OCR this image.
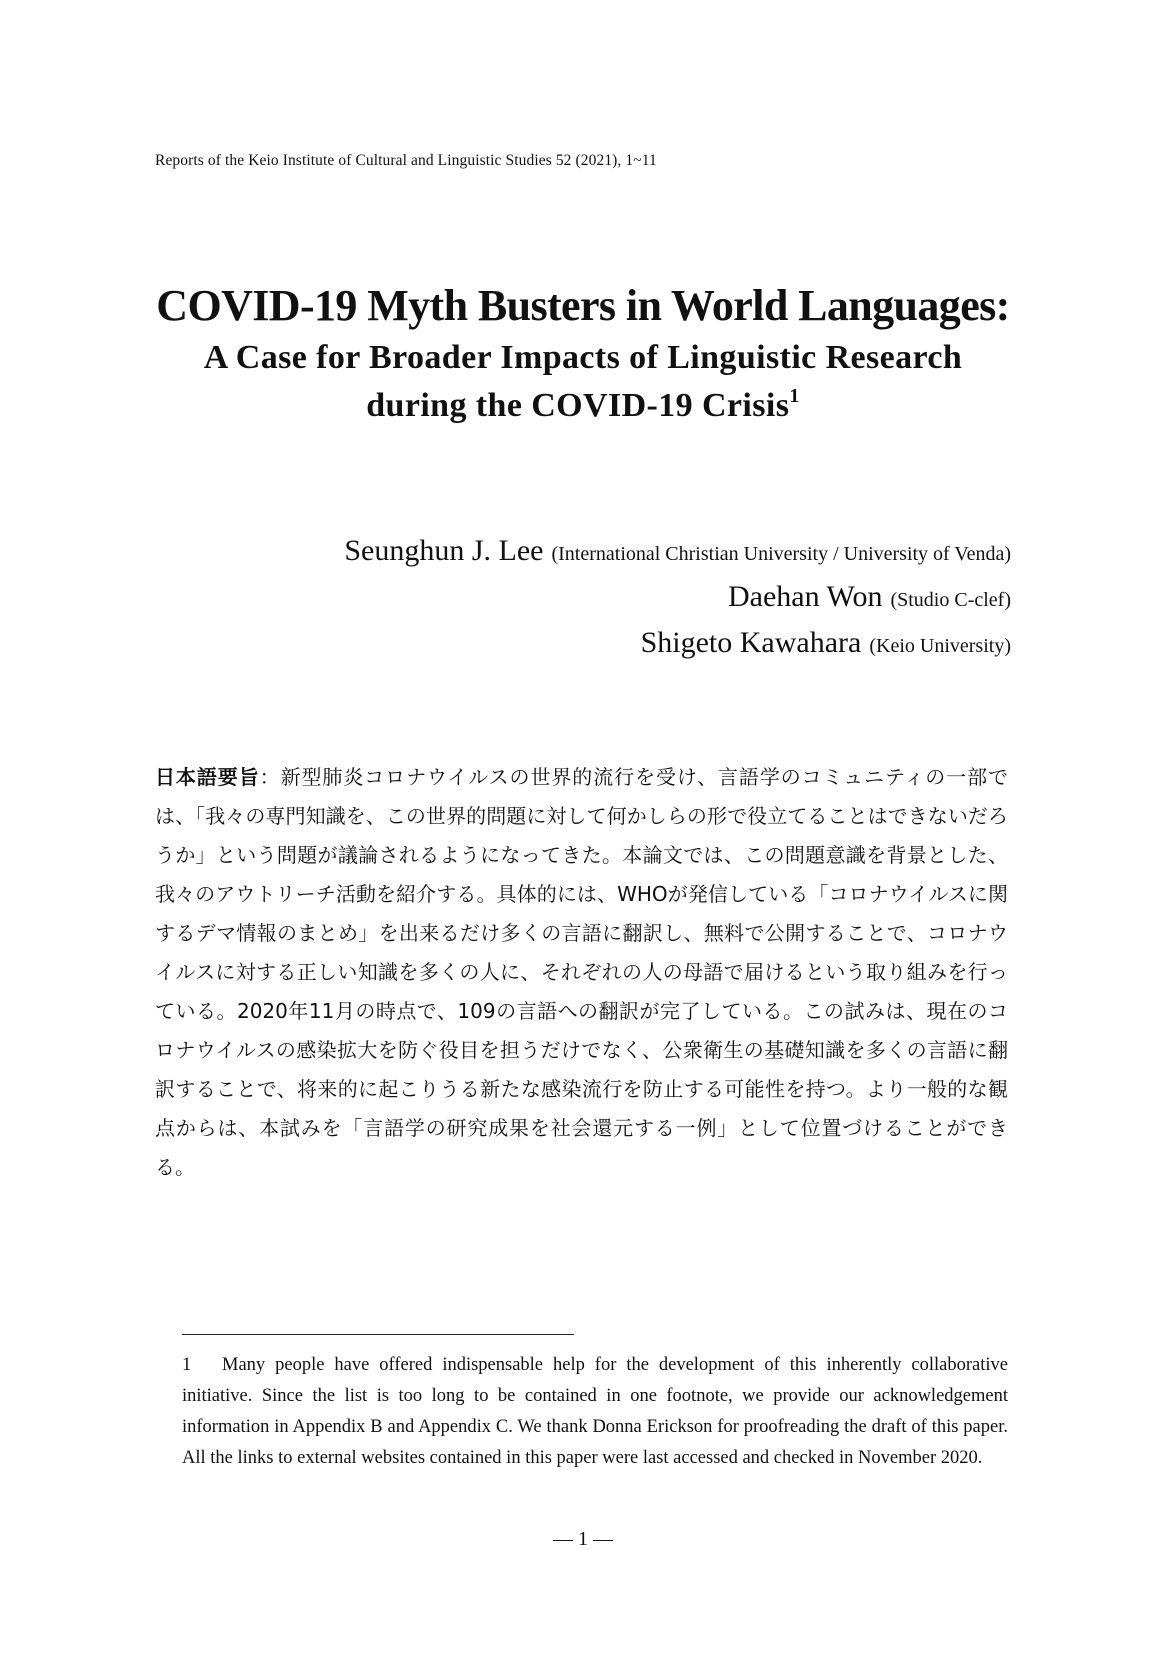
Reports of the Keio Institute of Cultural and Linguistic Studies 52 (2021), 1~11
COVID-19 Myth Busters in World Languages:
A Case for Broader Impacts of Linguistic Research
during the COVID-19 Crisis$^1$
Seunghun J. Lee (International Christian University / University of Venda)
Daehan Won (Studio C-clef)
Shigeto Kawahara (Keio University)
日本語要旨：新型肺炎コロナウイルスの世界的流行を受け、言語学のコミュニティの一部では、「我々の専門知識を、この世界的問題に対して何かしらの形で役立てることはできないだろうか」という問題が議論されるようになってきた。本論文では、この問題意識を背景とした、我々のアウトリーチ活動を紹介する。具体的には、WHOが発信している「コロナウイルスに関するデマ情報のまとめ」を出来るだけ多くの言語に翻訳し、無料で公開することで、コロナウイルスに対する正しい知識を多くの人に、それぞれの人の母語で届けるという取り組みを行っている。2020年11月の時点で、109の言語への翻訳が完了している。この試みは、現在のコロナウイルスの感染拡大を防ぐ役目を担うだけでなく、公衆衛生の基礎知識を多くの言語に翻訳することで、将来的に起こりうる新たな感染流行を防止する可能性を持つ。より一般的な観点からは、本試みを「言語学の研究成果を社会還元する一例」として位置づけることができる。
1 Many people have offered indispensable help for the development of this inherently collaborative initiative. Since the list is too long to be contained in one footnote, we provide our acknowledgement information in Appendix B and Appendix C. We thank Donna Erickson for proofreading the draft of this paper. All the links to external websites contained in this paper were last accessed and checked in November 2020.
— 1 —
